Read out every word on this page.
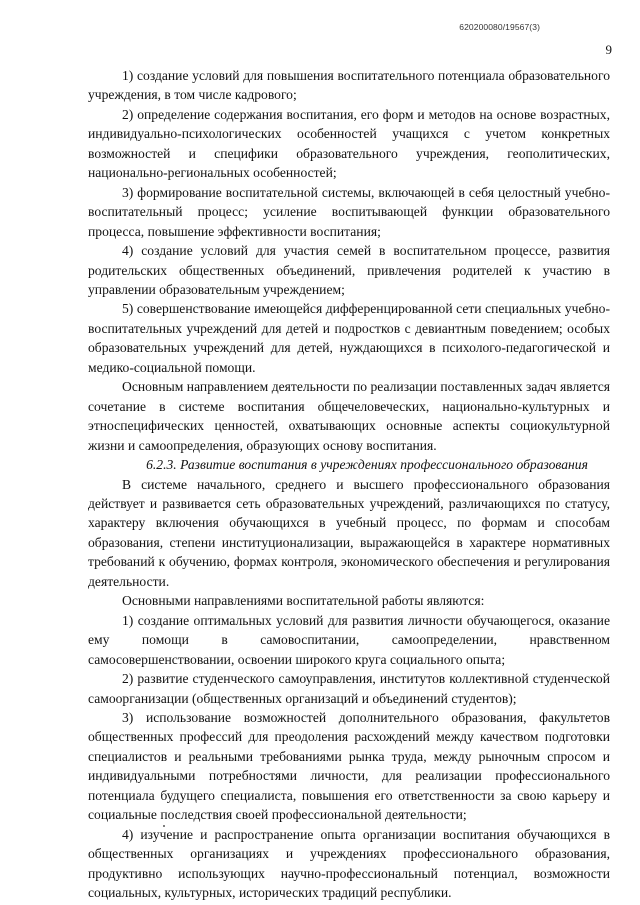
620200080/19567(3)
9

1) создание условий для повышения воспитательного потенциала образовательного учреждения, в том числе кадрового;

2) определение содержания воспитания, его форм и методов на основе возрастных, индивидуально-психологических особенностей учащихся с учетом конкретных возможностей и специфики образовательного учреждения, геополитических, национально-региональных особенностей;

3) формирование воспитательной системы, включающей в себя целостный учебно-воспитательный процесс; усиление воспитывающей функции образовательного процесса, повышение эффективности воспитания;

4) создание условий для участия семей в воспитательном процессе, развития родительских общественных объединений, привлечения родителей к участию в управлении образовательным учреждением;

5) совершенствование имеющейся дифференцированной сети специальных учебно-воспитательных учреждений для детей и подростков с девиантным поведением; особых образовательных учреждений для детей, нуждающихся в психолого-педагогической и медико-социальной помощи.

Основным направлением деятельности по реализации поставленных задач является сочетание в системе воспитания общечеловеческих, национально-культурных и этноспецифических ценностей, охватывающих основные аспекты социокультурной жизни и самоопределения, образующих основу воспитания.

6.2.3. Развитие воспитания в учреждениях профессионального образования

В системе начального, среднего и высшего профессионального образования действует и развивается сеть образовательных учреждений, различающихся по статусу, характеру включения обучающихся в учебный процесс, по формам и способам образования, степени институционализации, выражающейся в характере нормативных требований к обучению, формах контроля, экономического обеспечения и регулирования деятельности.

Основными направлениями воспитательной работы являются:

1) создание оптимальных условий для развития личности обучающегося, оказание ему помощи в самовоспитании, самоопределении, нравственном самосовершенствовании, освоении широкого круга социального опыта;

2) развитие студенческого самоуправления, институтов коллективной студенческой самоорганизации (общественных организаций и объединений студентов);

3) использование возможностей дополнительного образования, факультетов общественных профессий для преодоления расхождений между качеством подготовки специалистов и реальными требованиями рынка труда, между рыночным спросом и индивидуальными потребностями личности, для реализации профессионального потенциала будущего специалиста, повышения его ответственности за свою карьеру и социальные последствия своей профессиональной деятельности;

4) изучение и распространение опыта организации воспитания обучающихся в общественных организациях и учреждениях профессионального образования, продуктивно использующих научно-профессиональный потенциал, возможности социальных, культурных, исторических традиций республики.
